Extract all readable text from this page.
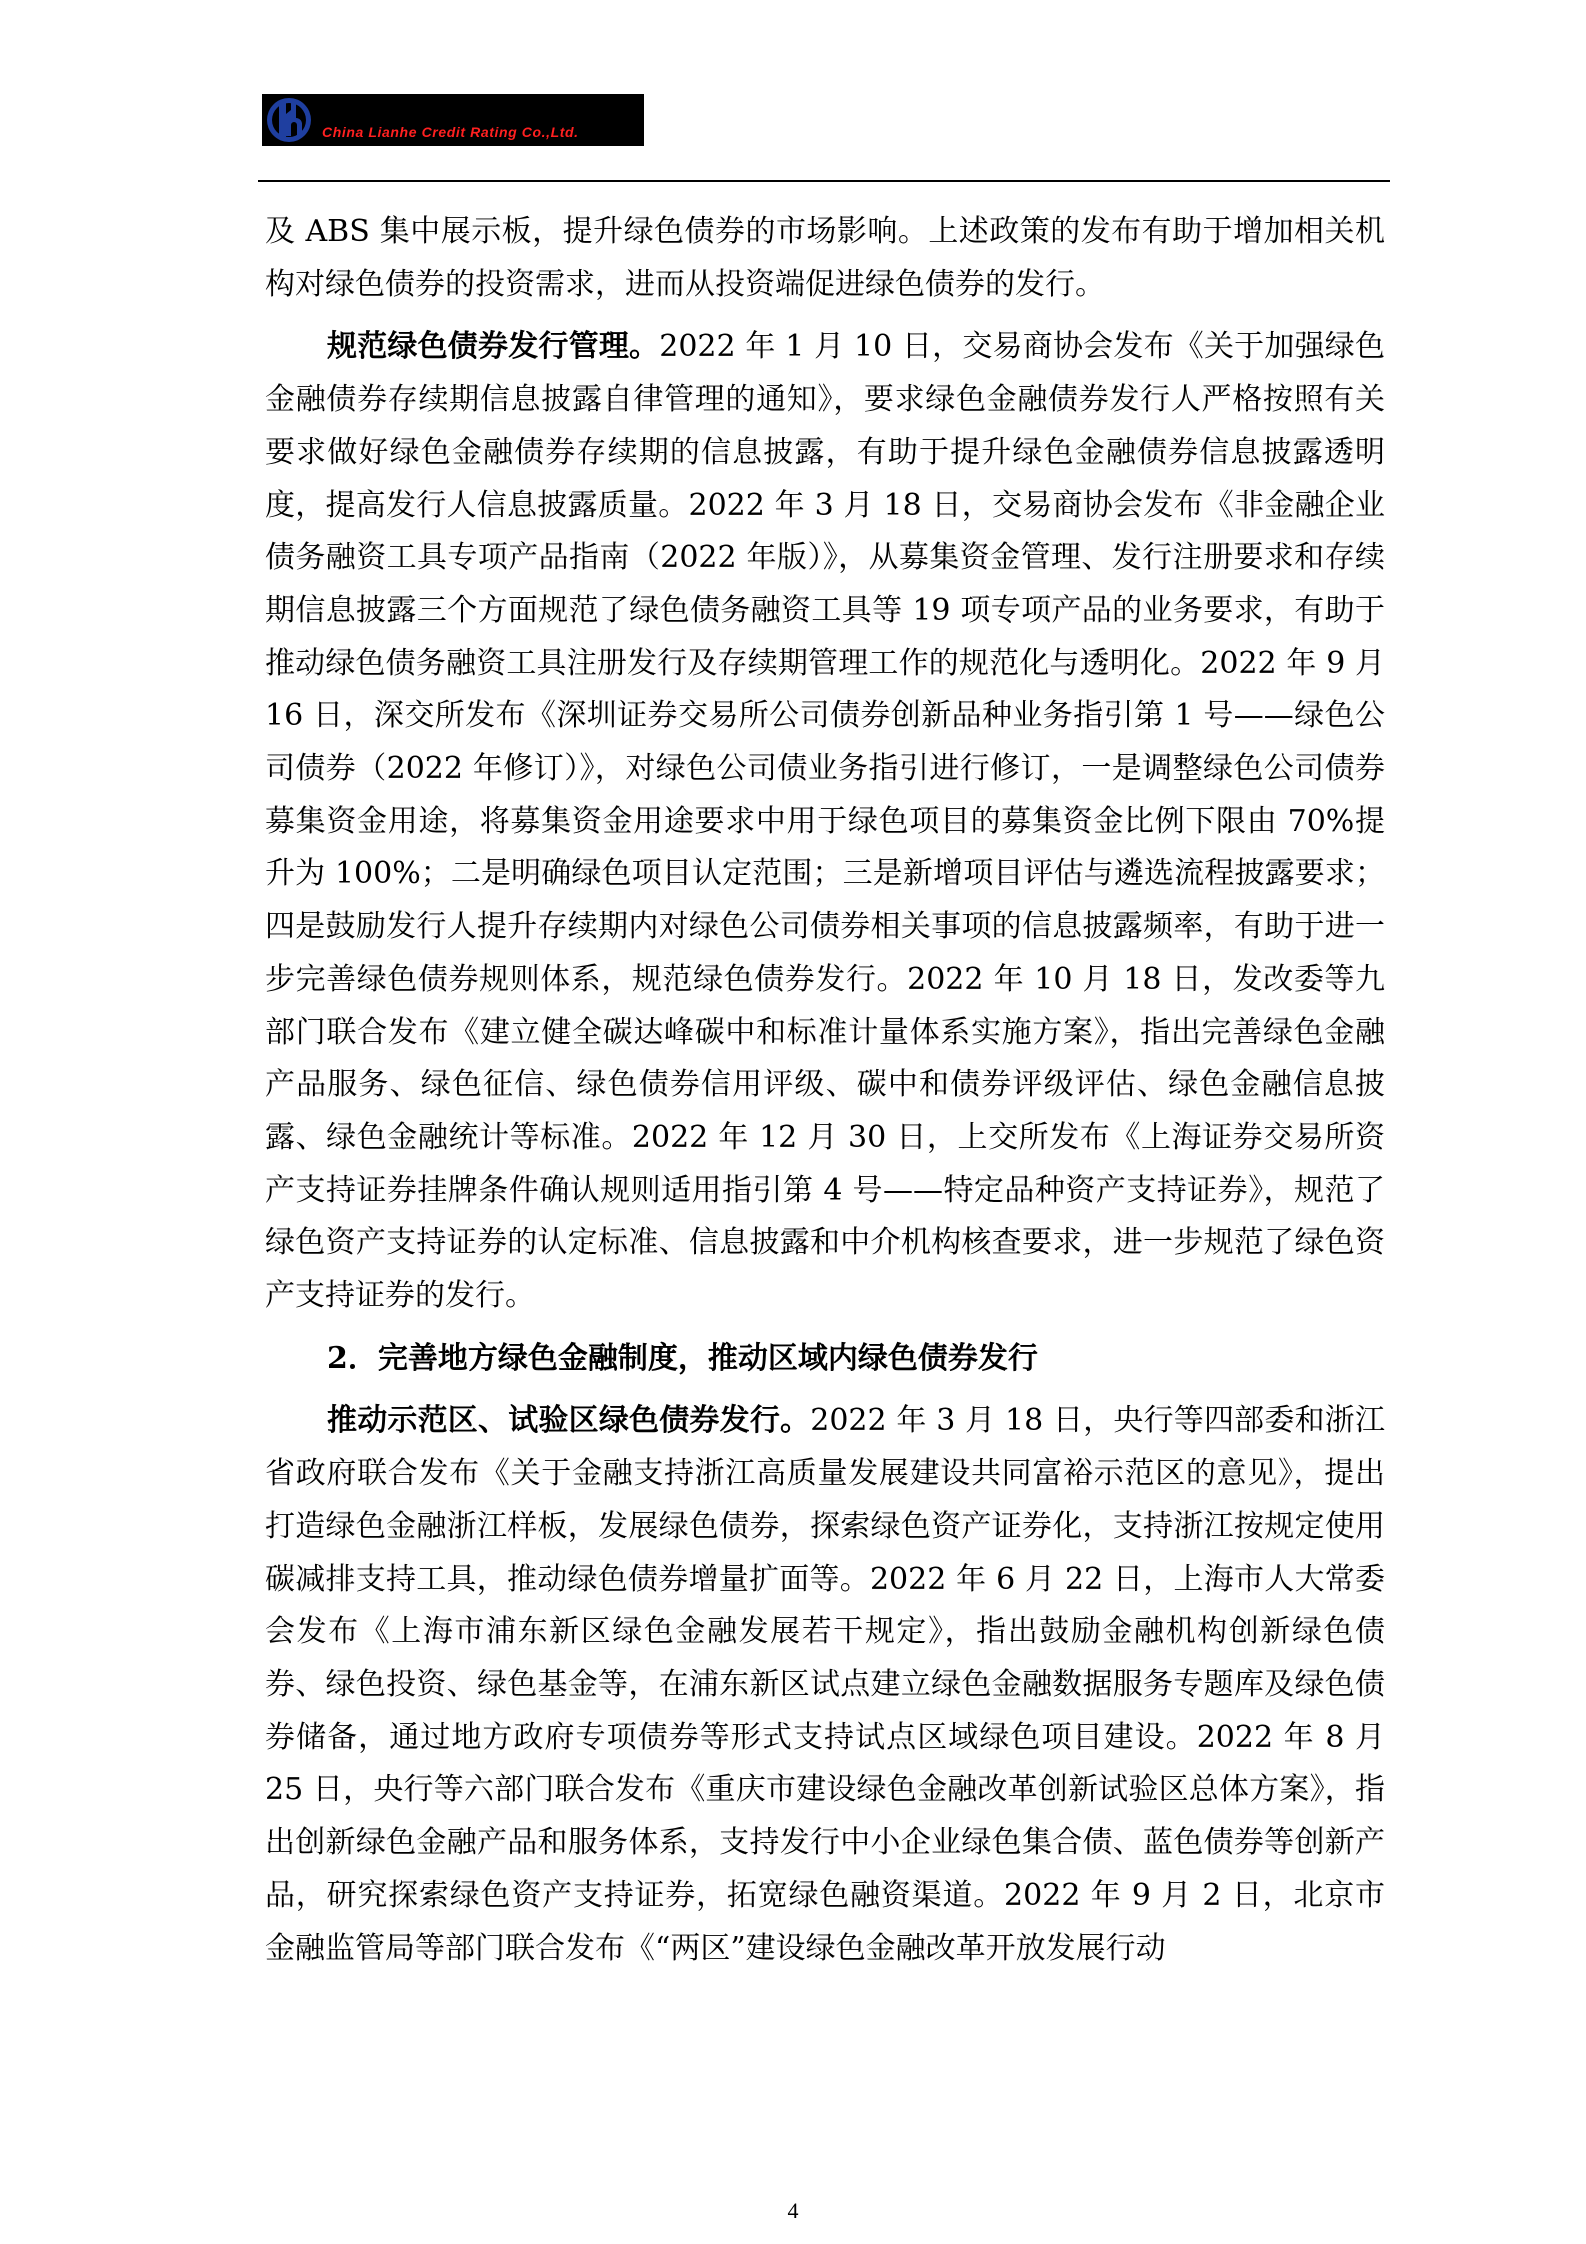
China Lianhe Credit Rating Co.,Ltd.

及 ABS 集中展示板，提升绿色债券的市场影响。上述政策的发布有助于增加相关机构对绿色债券的投资需求，进而从投资端促进绿色债券的发行。

规范绿色债券发行管理。2022 年 1 月 10 日，交易商协会发布《关于加强绿色金融债券存续期信息披露自律管理的通知》，要求绿色金融债券发行人严格按照有关要求做好绿色金融债券存续期的信息披露，有助于提升绿色金融债券信息披露透明度，提高发行人信息披露质量。2022 年 3 月 18 日，交易商协会发布《非金融企业债务融资工具专项产品指南（2022 年版）》，从募集资金管理、发行注册要求和存续期信息披露三个方面规范了绿色债务融资工具等 19 项专项产品的业务要求，有助于推动绿色债务融资工具注册发行及存续期管理工作的规范化与透明化。2022 年 9 月 16 日，深交所发布《深圳证券交易所公司债券创新品种业务指引第 1 号——绿色公司债券（2022 年修订）》，对绿色公司债业务指引进行修订，一是调整绿色公司债券募集资金用途，将募集资金用途要求中用于绿色项目的募集资金比例下限由 70%提升为 100%；二是明确绿色项目认定范围；三是新增项目评估与遴选流程披露要求；四是鼓励发行人提升存续期内对绿色公司债券相关事项的信息披露频率，有助于进一步完善绿色债券规则体系，规范绿色债券发行。2022 年 10 月 18 日，发改委等九部门联合发布《建立健全碳达峰碳中和标准计量体系实施方案》，指出完善绿色金融产品服务、绿色征信、绿色债券信用评级、碳中和债券评级评估、绿色金融信息披露、绿色金融统计等标准。2022 年 12 月 30 日，上交所发布《上海证券交易所资产支持证券挂牌条件确认规则适用指引第 4 号——特定品种资产支持证券》，规范了绿色资产支持证券的认定标准、信息披露和中介机构核查要求，进一步规范了绿色资产支持证券的发行。

2．完善地方绿色金融制度，推动区域内绿色债券发行

推动示范区、试验区绿色债券发行。2022 年 3 月 18 日，央行等四部委和浙江省政府联合发布《关于金融支持浙江高质量发展建设共同富裕示范区的意见》，提出打造绿色金融浙江样板，发展绿色债券，探索绿色资产证券化，支持浙江按规定使用碳减排支持工具，推动绿色债券增量扩面等。2022 年 6 月 22 日，上海市人大常委会发布《上海市浦东新区绿色金融发展若干规定》，指出鼓励金融机构创新绿色债券、绿色投资、绿色基金等，在浦东新区试点建立绿色金融数据服务专题库及绿色债券储备，通过地方政府专项债券等形式支持试点区域绿色项目建设。2022 年 8 月 25 日，央行等六部门联合发布《重庆市建设绿色金融改革创新试验区总体方案》，指出创新绿色金融产品和服务体系，支持发行中小企业绿色集合债、蓝色债券等创新产品，研究探索绿色资产支持证券，拓宽绿色融资渠道。2022 年 9 月 2 日，北京市金融监管局等部门联合发布《“两区”建设绿色金融改革开放发展行动

4
